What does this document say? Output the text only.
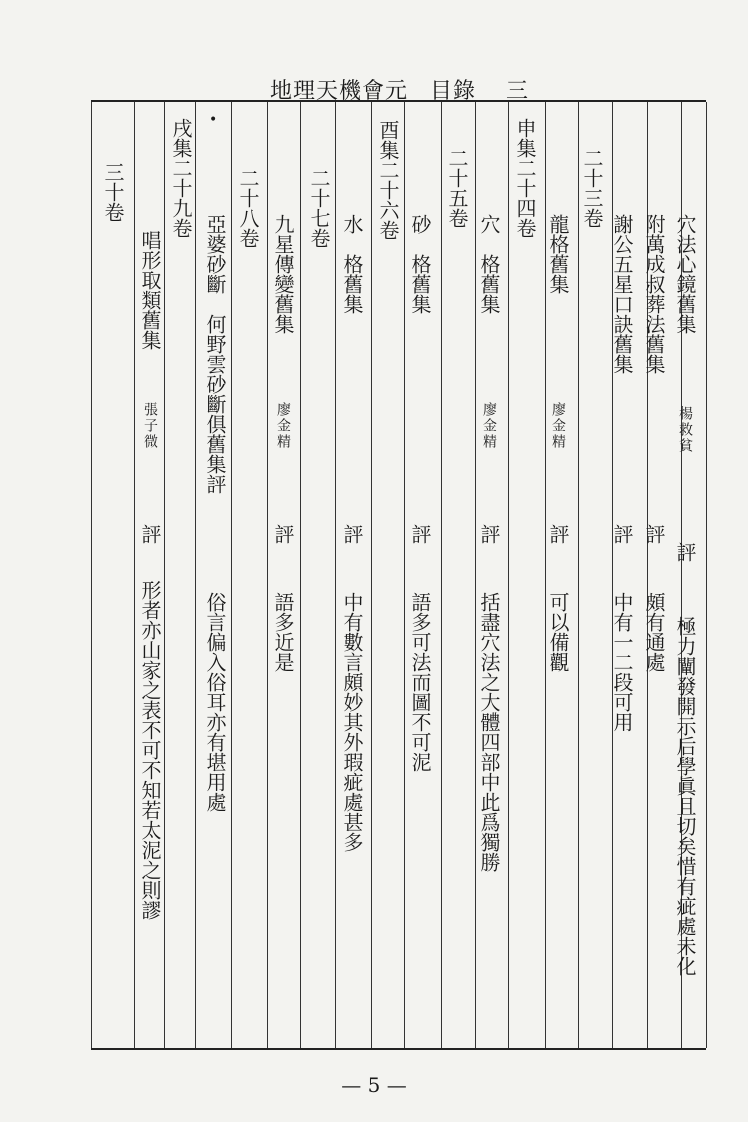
地理天機會元 目錄 三
•
穴法心鏡舊集
楊救貧
評
極力闡發開示后學眞且切矣惜有疵處未化
附萬成叔葬法舊集
評
頗有通處
謝公五星口訣舊集
評
中有一二段可用
二十三卷
龍格舊集
廖金精
評
可以備觀
申集二十四卷
穴　格舊集
廖金精
評
括盡穴法之大體四部中此爲獨勝
二十五卷
砂　格舊集
評
語多可法而圖不可泥
酉集二十六卷
水　格舊集
評
中有數言頗妙其外瑕疵處甚多
二十七卷
九星傳變舊集
廖金精
評
語多近是
二十八卷
亞婆砂斷　何野雲砂斷俱舊集評
俗言偏入俗耳亦有堪用處
戌集二十九卷
唱形取類舊集
張子微
評
形者亦山家之表不可不知若太泥之則謬
三十卷
— 5 —
